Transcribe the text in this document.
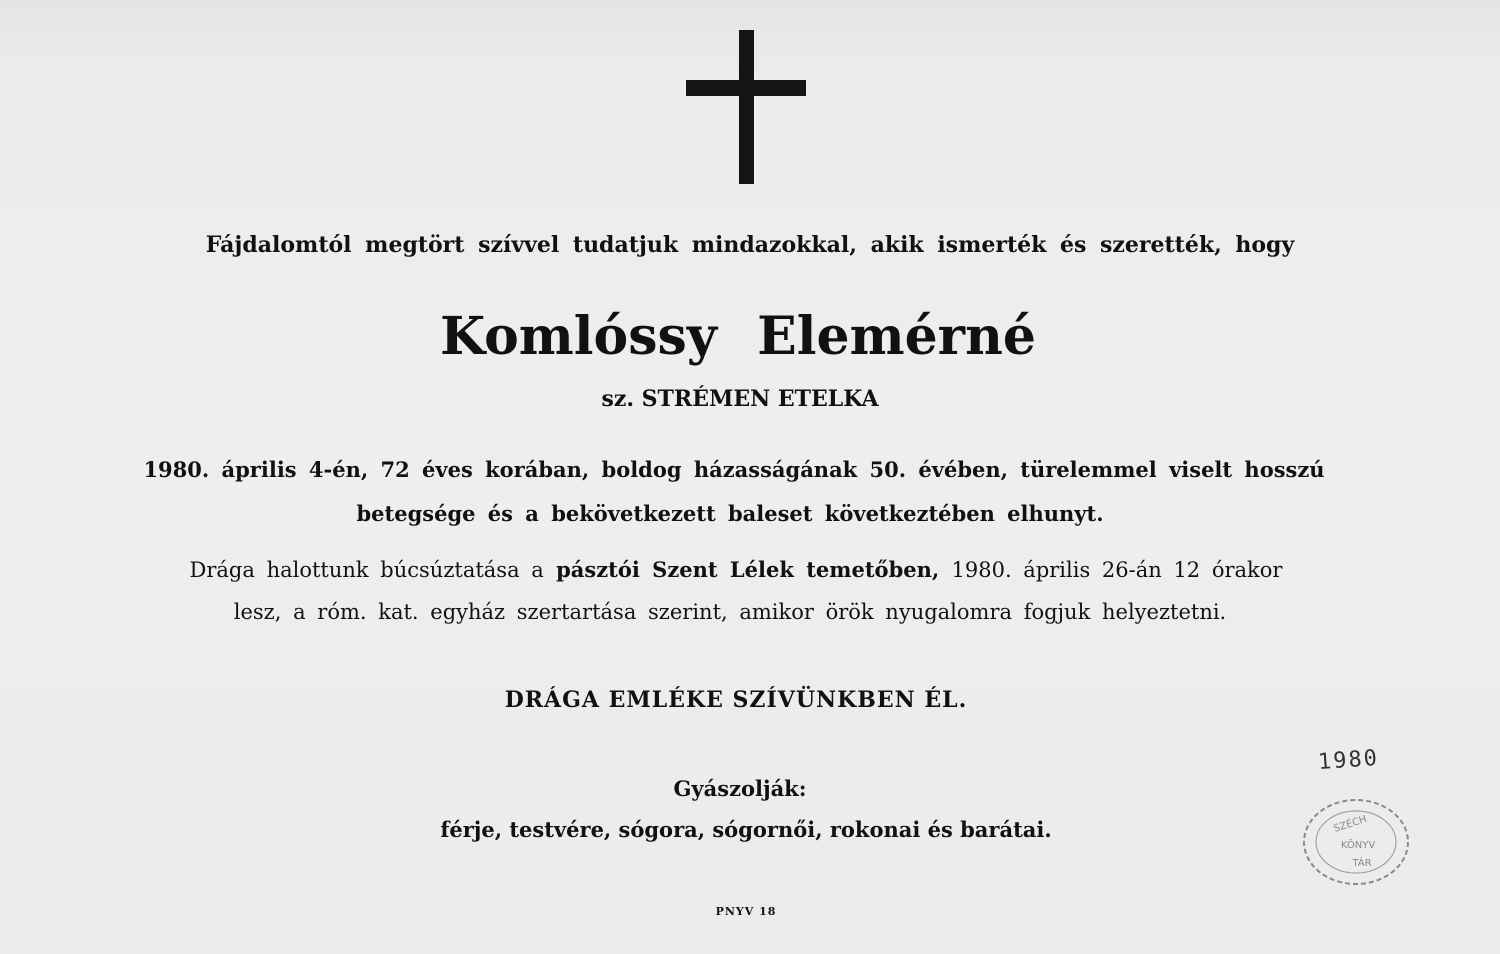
Fájdalomtól megtört szívvel tudatjuk mindazokkal, akik ismerték és szerették, hogy
Komlóssy Elemérné
sz. STRÉMEN ETELKA
1980. április 4-én, 72 éves korában, boldog házasságának 50. évében, türelemmel viselt hosszú
betegsége és a bekövetkezett baleset következtében elhunyt.
Drága halottunk búcsúztatása a pásztói Szent Lélek temetőben, 1980. április 26-án 12 órakor
lesz, a róm. kat. egyház szertartása szerint, amikor örök nyugalomra fogjuk helyeztetni.
DRÁGA EMLÉKE SZÍVÜNKBEN ÉL.
Gyászolják:
férje, testvére, sógora, sógornői, rokonai és barátai.
PNYV 18
1980
SZÉCH
KÖNYV
TÁR
